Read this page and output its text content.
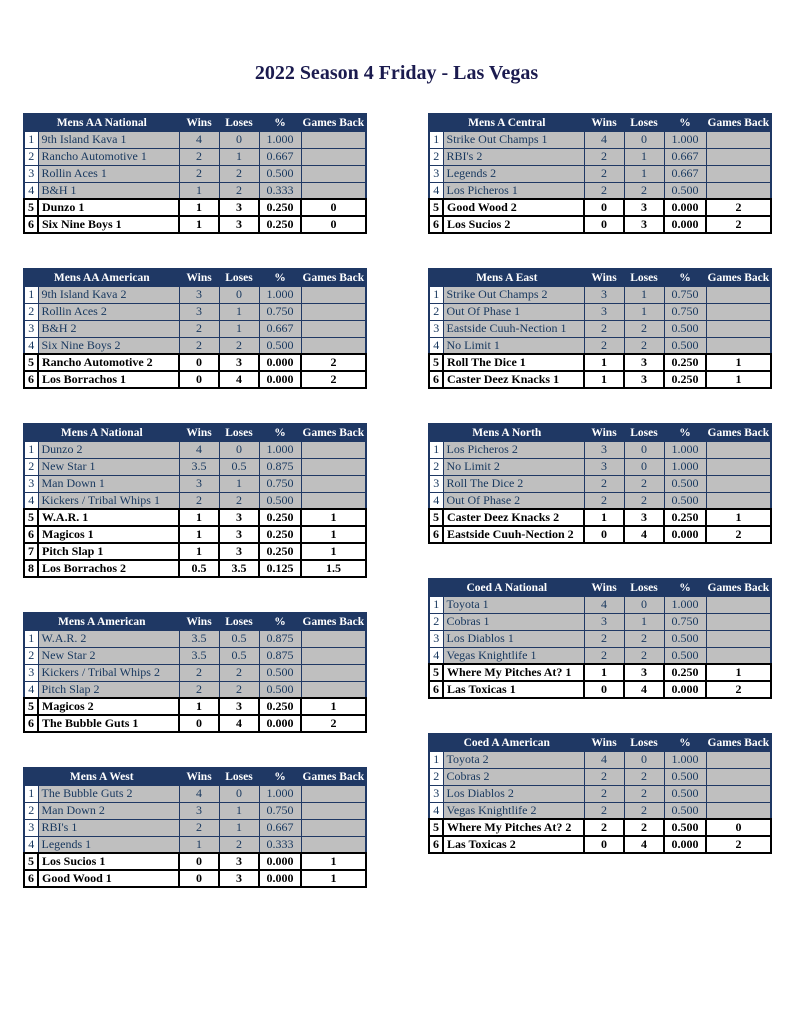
2022 Season 4 Friday - Las Vegas
Mens AA National		Wins	Loses	%	Games Back
1	9th Island Kava 1	4	0	1.000	
2	Rancho Automotive 1	2	1	0.667	
3	Rollin Aces 1	2	2	0.500	
4	B&H 1	1	2	0.333	
5	Dunzo 1	1	3	0.250	0
6	Six Nine Boys 1	1	3	0.250	0
Mens AA American		Wins	Loses	%	Games Back
1	9th Island Kava 2	3	0	1.000	
2	Rollin Aces 2	3	1	0.750	
3	B&H 2	2	1	0.667	
4	Six Nine Boys 2	2	2	0.500	
5	Rancho Automotive 2	0	3	0.000	2
6	Los Borrachos 1	0	4	0.000	2
Mens A National		Wins	Loses	%	Games Back
1	Dunzo 2	4	0	1.000	
2	New Star 1	3.5	0.5	0.875	
3	Man Down 1	3	1	0.750	
4	Kickers / Tribal Whips 1	2	2	0.500	
5	W.A.R. 1	1	3	0.250	1
6	Magicos 1	1	3	0.250	1
7	Pitch Slap 1	1	3	0.250	1
8	Los Borrachos 2	0.5	3.5	0.125	1.5
Mens A American		Wins	Loses	%	Games Back
1	W.A.R. 2	3.5	0.5	0.875	
2	New Star 2	3.5	0.5	0.875	
3	Kickers / Tribal Whips 2	2	2	0.500	
4	Pitch Slap 2	2	2	0.500	
5	Magicos 2	1	3	0.250	1
6	The Bubble Guts 1	0	4	0.000	2
Mens A West		Wins	Loses	%	Games Back
1	The Bubble Guts 2	4	0	1.000	
2	Man Down 2	3	1	0.750	
3	RBI's 1	2	1	0.667	
4	Legends 1	1	2	0.333	
5	Los Sucios 1	0	3	0.000	1
6	Good Wood 1	0	3	0.000	1
Mens A Central		Wins	Loses	%	Games Back
1	Strike Out Champs 1	4	0	1.000	
2	RBI's 2	2	1	0.667	
3	Legends 2	2	1	0.667	
4	Los Picheros 1	2	2	0.500	
5	Good Wood 2	0	3	0.000	2
6	Los Sucios 2	0	3	0.000	2
Mens A East		Wins	Loses	%	Games Back
1	Strike Out Champs 2	3	1	0.750	
2	Out Of Phase 1	3	1	0.750	
3	Eastside Cuuh-Nection 1	2	2	0.500	
4	No Limit 1	2	2	0.500	
5	Roll The Dice 1	1	3	0.250	1
6	Caster Deez Knacks 1	1	3	0.250	1
Mens A North		Wins	Loses	%	Games Back
1	Los Picheros 2	3	0	1.000	
2	No Limit 2	3	0	1.000	
3	Roll The Dice 2	2	2	0.500	
4	Out Of Phase 2	2	2	0.500	
5	Caster Deez Knacks 2	1	3	0.250	1
6	Eastside Cuuh-Nection 2	0	4	0.000	2
Coed A National		Wins	Loses	%	Games Back
1	Toyota 1	4	0	1.000	
2	Cobras 1	3	1	0.750	
3	Los Diablos 1	2	2	0.500	
4	Vegas Knightlife 1	2	2	0.500	
5	Where My Pitches At? 1	1	3	0.250	1
6	Las Toxicas 1	0	4	0.000	2
Coed A American		Wins	Loses	%	Games Back
1	Toyota 2	4	0	1.000	
2	Cobras 2	2	2	0.500	
3	Los Diablos 2	2	2	0.500	
4	Vegas Knightlife 2	2	2	0.500	
5	Where My Pitches At? 2	2	2	0.500	0
6	Las Toxicas 2	0	4	0.000	2
